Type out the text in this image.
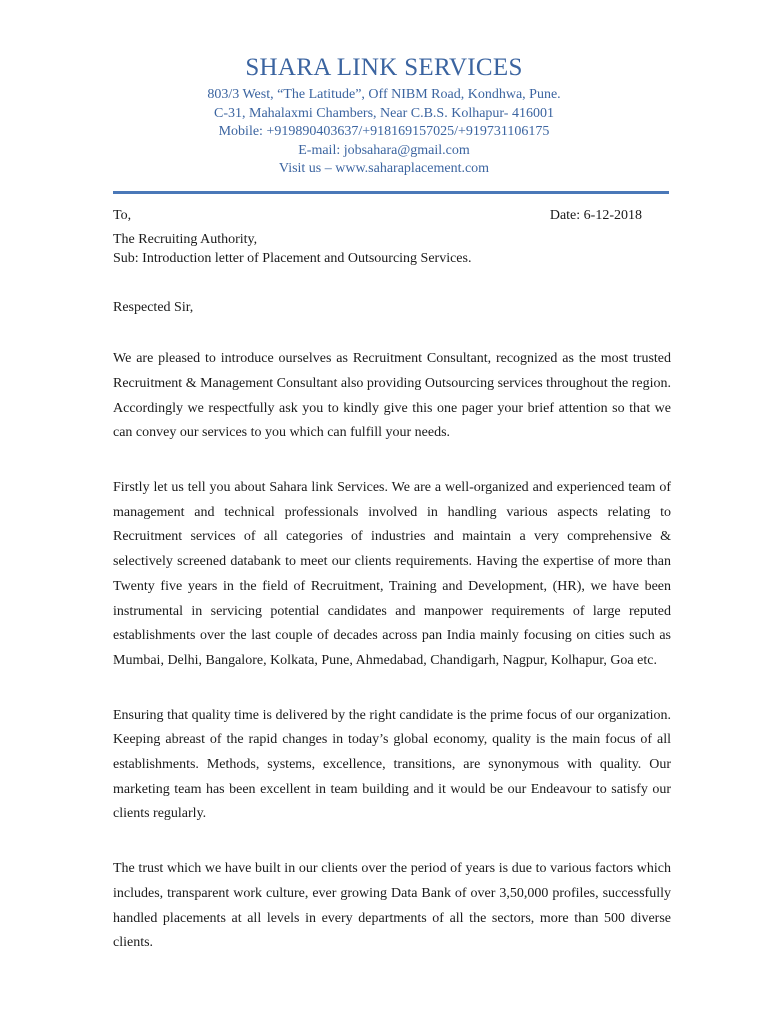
SHARA LINK SERVICES

803/3 West, “The Latitude”, Off NIBM Road, Kondhwa, Pune.

C-31, Mahalaxmi Chambers, Near C.B.S. Kolhapur- 416001

Mobile: +919890403637/+918169157025/+919731106175

E-mail: jobsahara@gmail.com

Visit us – www.saharaplacement.com

To,	Date: 6-12-2018
The Recruiting Authority,
Sub: Introduction letter of Placement and Outsourcing Services.
Respected Sir,

We are pleased to introduce ourselves as Recruitment Consultant, recognized as the most trusted Recruitment & Management Consultant also providing Outsourcing services throughout the region. Accordingly we respectfully ask you to kindly give this one pager your brief attention so that we can convey our services to you which can fulfill your needs.

Firstly let us tell you about Sahara link Services. We are a well-organized and experienced team of management and technical professionals involved in handling various aspects relating to Recruitment services of all categories of industries and maintain a very comprehensive & selectively screened databank to meet our clients requirements. Having the expertise of more than Twenty five years in the field of Recruitment, Training and Development, (HR), we have been instrumental in servicing potential candidates and manpower requirements of large reputed establishments over the last couple of decades across pan India mainly focusing on cities such as Mumbai, Delhi, Bangalore, Kolkata, Pune, Ahmedabad, Chandigarh, Nagpur, Kolhapur, Goa etc.

Ensuring that quality time is delivered by the right candidate is the prime focus of our organization. Keeping abreast of the rapid changes in today’s global economy, quality is the main focus of all establishments. Methods, systems, excellence, transitions, are synonymous with quality. Our marketing team has been excellent in team building and it would be our Endeavour to satisfy our clients regularly.

The trust which we have built in our clients over the period of years is due to various factors which includes, transparent work culture, ever growing Data Bank of over 3,50,000 profiles, successfully handled placements at all levels in every departments of all the sectors, more than 500 diverse clients.
